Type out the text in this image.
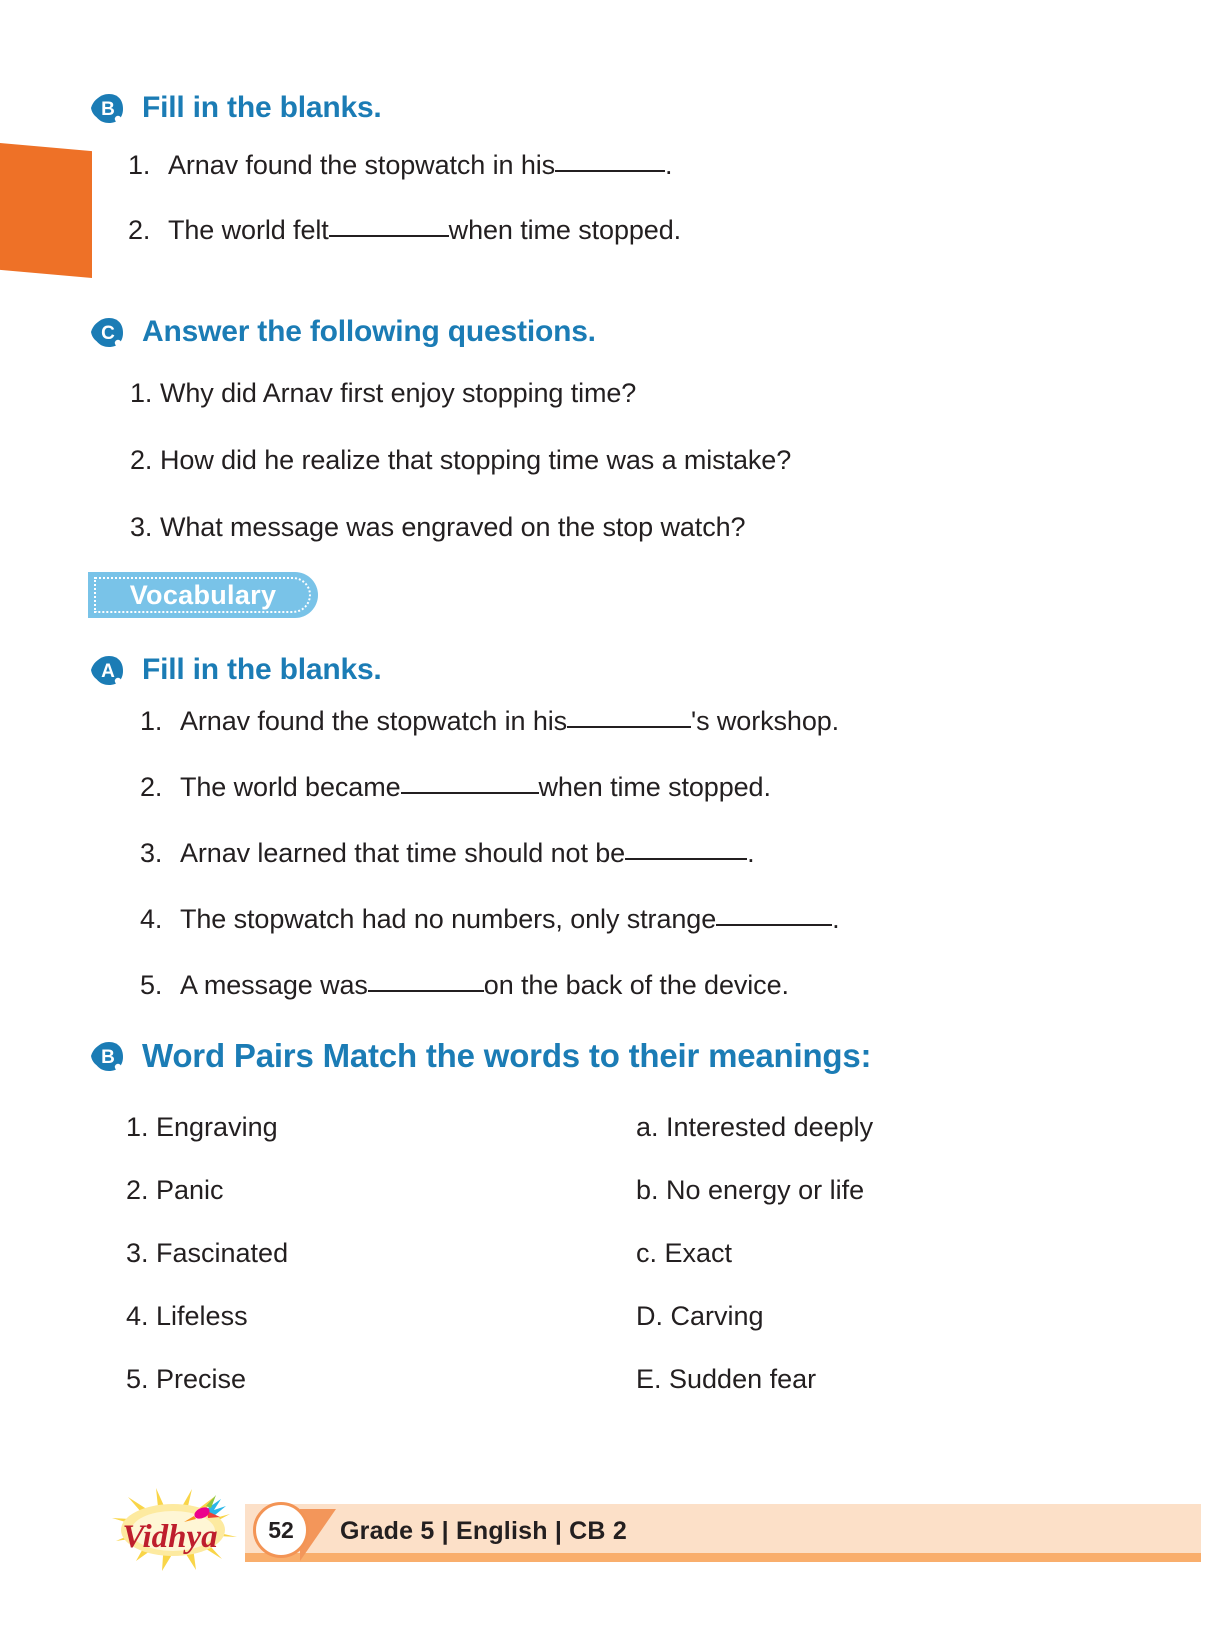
B Fill in the blanks.
1. Arnav found the stopwatch in his	.
2. The world felt	when time stopped.
C Answer the following questions.
1. Why did Arnav first enjoy stopping time?
2. How did he realize that stopping time was a mistake?
3. What message was engraved on the stop watch?
Vocabulary
A Fill in the blanks.
1. Arnav found the stopwatch in his	's workshop.
2. The world became	when time stopped.
3. Arnav learned that time should not be	.
4. The stopwatch had no numbers, only strange	.
5. A message was	on the back of the device.
B Word Pairs Match the words to their meanings:
1. Engraving	a. Interested deeply
2. Panic	b. No energy or life
3. Fascinated	c. Exact
4. Lifeless	D. Carving
5. Precise	E. Sudden fear
Vidhya	52	Grade 5 | English | CB 2
